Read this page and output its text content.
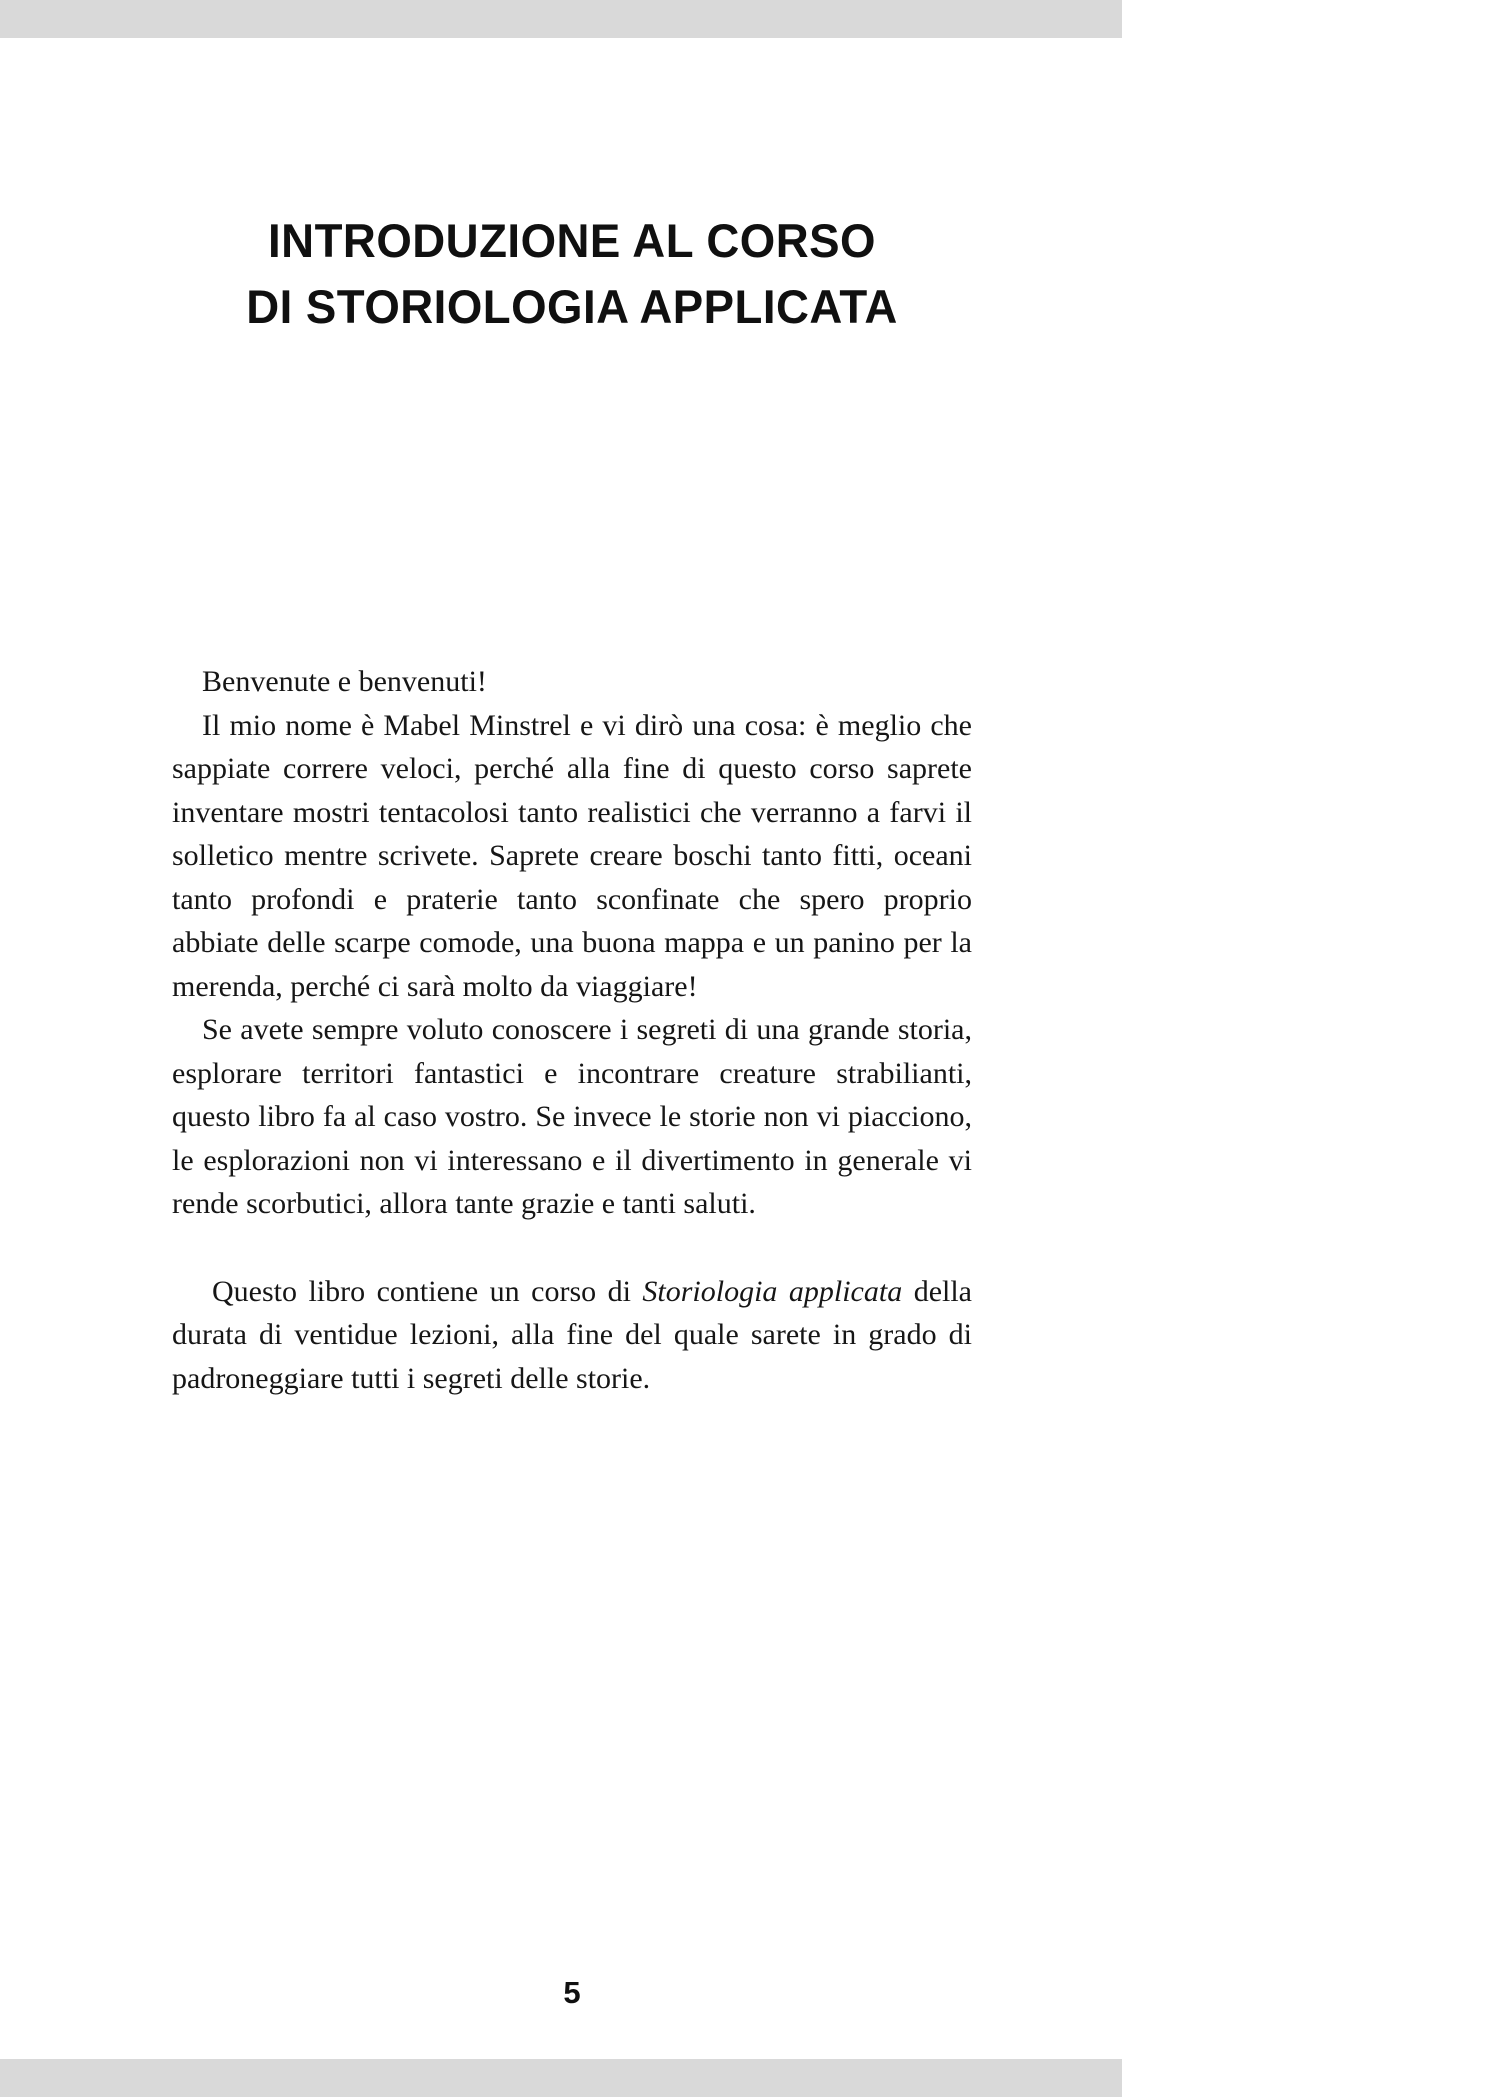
INTRODUZIONE AL CORSO
DI STORIOLOGIA APPLICATA

Benvenute e benvenuti!

Il mio nome è Mabel Minstrel e vi dirò una cosa: è meglio che sappiate correre veloci, perché alla fine di questo corso saprete inventare mostri tentacolosi tanto realistici che verranno a farvi il solletico mentre scrivete. Saprete creare boschi tanto fitti, oceani tanto profondi e praterie tanto sconfinate che spero proprio abbiate delle scarpe comode, una buona mappa e un panino per la merenda, perché ci sarà molto da viaggiare!

Se avete sempre voluto conoscere i segreti di una grande storia, esplorare territori fantastici e incontrare creature strabilianti, questo libro fa al caso vostro. Se invece le storie non vi piacciono, le esplorazioni non vi interessano e il divertimento in generale vi rende scorbutici, allora tante grazie e tanti saluti.

Questo libro contiene un corso di Storiologia applicata della durata di ventidue lezioni, alla fine del quale sarete in grado di padroneggiare tutti i segreti delle storie.

5
